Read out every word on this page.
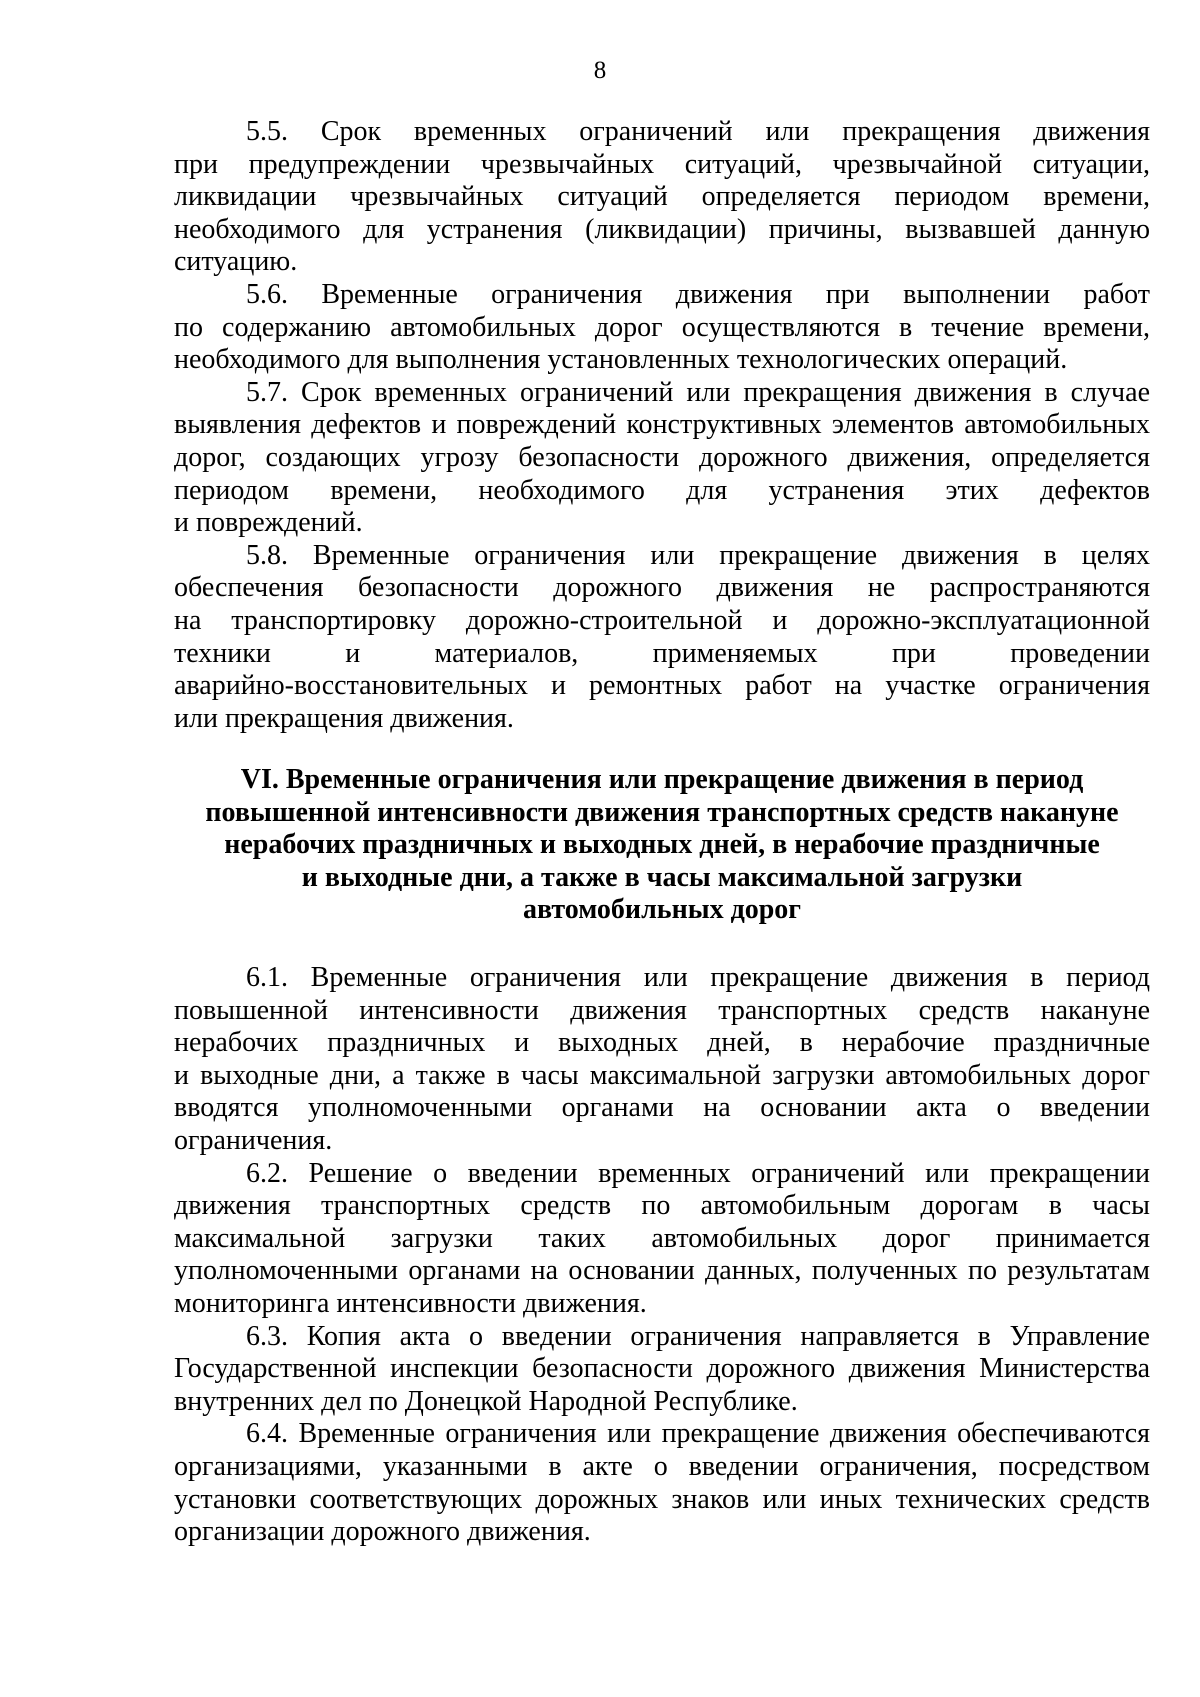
8
5.5. Срок временных ограничений или прекращения движения
при предупреждении чрезвычайных ситуаций, чрезвычайной ситуации,
ликвидации чрезвычайных ситуаций определяется периодом времени,
необходимого для устранения (ликвидации) причины, вызвавшей данную
ситуацию.
5.6. Временные ограничения движения при выполнении работ
по содержанию автомобильных дорог осуществляются в течение времени,
необходимого для выполнения установленных технологических операций.
5.7. Срок временных ограничений или прекращения движения в случае
выявления дефектов и повреждений конструктивных элементов автомобильных
дорог, создающих угрозу безопасности дорожного движения, определяется
периодом времени, необходимого для устранения этих дефектов
и повреждений.
5.8. Временные ограничения или прекращение движения в целях
обеспечения безопасности дорожного движения не распространяются
на транспортировку дорожно-строительной и дорожно-эксплуатационной
техники и материалов, применяемых при проведении
аварийно-восстановительных и ремонтных работ на участке ограничения
или прекращения движения.
VI. Временные ограничения или прекращение движения в период
повышенной интенсивности движения транспортных средств накануне
нерабочих праздничных и выходных дней, в нерабочие праздничные
и выходные дни, а также в часы максимальной загрузки
автомобильных дорог
6.1. Временные ограничения или прекращение движения в период
повышенной интенсивности движения транспортных средств накануне
нерабочих праздничных и выходных дней, в нерабочие праздничные
и выходные дни, а также в часы максимальной загрузки автомобильных дорог
вводятся уполномоченными органами на основании акта о введении
ограничения.
6.2. Решение о введении временных ограничений или прекращении
движения транспортных средств по автомобильным дорогам в часы
максимальной загрузки таких автомобильных дорог принимается
уполномоченными органами на основании данных, полученных по результатам
мониторинга интенсивности движения.
6.3. Копия акта о введении ограничения направляется в Управление
Государственной инспекции безопасности дорожного движения Министерства
внутренних дел по Донецкой Народной Республике.
6.4. Временные ограничения или прекращение движения обеспечиваются
организациями, указанными в акте о введении ограничения, посредством
установки соответствующих дорожных знаков или иных технических средств
организации дорожного движения.
